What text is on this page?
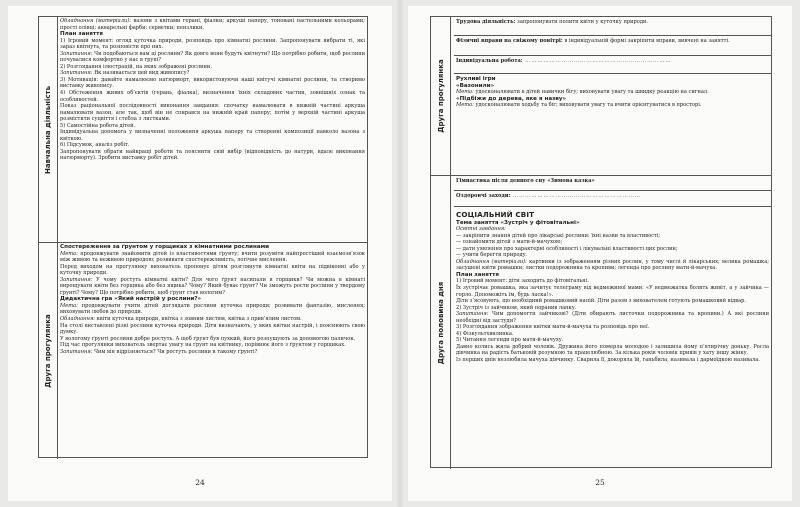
Навчальна діяльність

Обладнання (матеріали): вазони з квітами герані, фіалки; аркуші паперу, тоновані пастельними кольорами; прості олівці; акварельні фарби; серветки; пензлики.

План заняття

1) Ігровий момент: огляд куточка природи, розповідь про кімнатні рослини. Запропонувати вибрати ті, які зараз квітнуть, та розповісти про них.

Запитання: Чи подобаються вам ці рослини? Як довго вони будуть квітнути? Що потрібно робити, щоб рослини почувалися комфортно у нас в групі?

2) Розглядання ілюстрацій, на яких зображені рослини.

Запитання: Як називається цей вид живопису?

3) Мотивація: давайте намалюємо натюрморт, використовуючи наші квітучі кімнатні рослини, та створимо виставку живопису.

4) Обстеження живих об’єктів (герань, фіалка), визначення їхніх складових частин, зовнішніх ознак та особливостей.

Показ раціональної послідовності виконання завдання: спочатку намалювати в нижній частині аркуша намалювати вазон, але так, щоб він не спирався на нижній край паперу; потім у верхній частині аркуша розмістити суцвіття і стебла з листками.

5) Самостійна робота дітей.

Індивідуальна допомога у визначенні положення аркуша паперу та створенні композиції навколо вазона з квіткою.

6) Підсумок, аналіз робіт.

Запропонувати обрати найкращі роботи та пояснити свій вибір (відповідність до натури, вдале виконання натюрморту). Зробити виставку робіт дітей.

Друга прогулянка

Спостереження за ґрунтом у горщиках з кімнатними рослинами

Мета: продовжувати знайомити дітей із властивостями ґрунту; вчити розуміти найпростіший взаємозв’язок між живою та неживою природою; розвивати спостережливість, логічне мислення.

Перед виходом на прогулянку вихователь пропонує дітям розглянути кімнатні квіти на підвіконні або у куточку природи.

Запитання: У чому ростуть кімнатні квіти? Для чого ґрунт насипали в горщики? Чи можна в кімнаті вирощувати квіти без горщика або без ящика? Чому? Який буває ґрунт? Чи зможуть рости рослини у твердому ґрунті? Чому? Що потрібно робити, щоб ґрунт став вологим?

Дидактична гра «Який настрій у рослини?»

Мета: продовжувати учити дітей доглядати рослини куточка природи; розвивати фантазію, мислення; виховувати любов до природи.

Обладнання: квіти куточка природи, квітка з зовним листям, квітка з прив’ялим листом.

На столі виставлені різні рослини куточка природи. Діти визначають, у яких квітки настрій, і пояснюють свою думку.

У вологому ґрунті рослини добре ростуть. А щоб ґрунт був пухкий, його розпушують за допомогою паличок.

Під час прогулянки вихователь звертає увагу на ґрунт на квітнику, порівнює його з ґрунтом у горщиках.

Запитання: Чим він відрізняється? Чи ростуть рослини в такому ґрунті?

24
Друга прогулянка

Трудова діяльність: запропонувати полити квіти у куточку природи.

Фізичні вправи на свіжому повітрі: в індивідуальній формі закріпити вправи, вивчені на занятті.

Індивідуальна робота: ………………………………………………………………

Рухливі ігри

«Вазонили»

Мета: удосконалювати в дітей навички бігу; виховувати увагу та швидку реакцію на сигнал.

«Підбіжи до дерева, яке я назву»

Мета: удосконалювати ходьбу та біг; виховувати увагу та вчити орієнтуватися в просторі.

Друга половина дня

Гімнастика після денного сну «Зимова казка»

Оздоровчі заходи: ………………………………………………………

СОЦІАЛЬНИЙ СВІТ

Тема заняття «Зустріч у фітовітальні»

Освітні завдання:

— закріпити знання дітей про лікарські рослини: їхні назви та властивості;

— ознайомити дітей з мати-й-мачухою;

— дати уявлення про характерні особливості і лікувальні властивості цих рослин;

— учити берегти природу.

Обладнання (матеріали): картинки із зображенням різних рослин, у тому числі й лікарських; велика ромашка; засушені квіти ромашки; листки подорожника та кропиви; легенда про рослину мати-й-мачуха.

План заняття

1) Ігровий момент: діти заходять до фітовітальні.

Їх зустрічає ромашка, яка зачитує телеграму від ведмежиної мами: «У ведмежатка болить живіт, а у зайчика — горло. Допоможіть їм, будь ласка!».

Діти з’ясовують, що необхідний ромашковий напій. Діти разом з вихователем готують ромашковий відвар.

2) Зустріч із зайчиком, який поранив лапку.

Запитання: Чим допомогти зайчикові? (Діти обирають листочки подорожника та кропиви.) А які рослини необхідні від застуди?

3) Розглядання зображення квітки мати-й-мачуха та розповідь про неї.

4) Фізкультхвилинка.

5) Читання легенди про мати-й-мачуху.

Давно колись жила добрий чоловік. Дружина його померла молодою і залишила йому п’ятирічну доньку. Росла дівчинка на радість батьковій розумною та працелюбною. За кілька років чоловік привів у хату іншу жінку.

Із перших днів незлюбила мачуха дівчинку. Сварила її, докоряла їй, ганьбила, називала і дармоїдкою називала.

25
